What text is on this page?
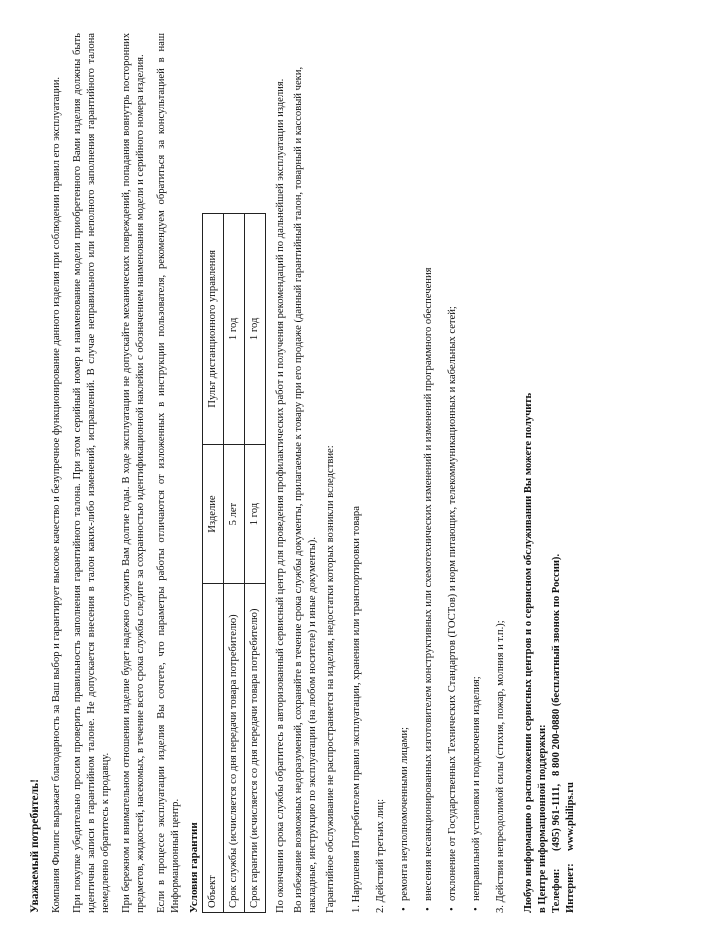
Уважаемый потребитель! Компания Филипс выражает благодарность за Ваш выбор и гарантирует высокое качество и безупречное функционирование данного изделия при соблюдении правил его эксплуатации. При покупке убедительно просим проверить правильность заполнения гарантийного талона. При этом серийный номер и наименование модели приобретенного Вами изделия должны быть идентичны записи в гарантийном талоне. Не допускается внесения в талон каких-либо изменений, исправлений. В случае неправильного или неполного заполнения гарантийного талона немедленно обратитесь к продавцу. При бережном и внимательном отношении изделие будет надежно служить Вам долгие годы. В ходе эксплуатации не допускайте механических повреждений, попадания вовнутрь посторонних предметов, жидкостей, насекомых, в течение всего срока службы следите за сохранностью идентификационной наклейки с обозначением наименования модели и серийного номера изделия. Если в процессе эксплуатации изделия Вы сочтете, что параметры работы отличаются от изложенных в инструкции пользователя, рекомендуем обратиться за консультацией в наш Информационный центр. Условия гарантии Объект	Изделие	Пульт дистанционного управления
Срок службы (исчисляется со дня передачи товара потребителю)	5 лет	1 год
Срок гарантии (исчисляется со дня передачи товара потребителю)	1 год	1 год По окончании срока службы обратитесь в авторизованный сервисный центр для проведения профилактических работ и получения рекомендаций по дальнейшей эксплуатации изделия. Во избежание возможных недоразумений, сохраняйте в течение срока службы документы, прилагаемые к товару при его продаже (данный гарантийный талон, товарный и кассовый чеки, накладные, инструкцию по эксплуатации (на любом носителе) и иные документы). Гарантийное обслуживание не распространяется на изделия, недостатки которых возникли вследствие: 1. Нарушения Потребителем правил эксплуатации, хранения или транспортировки товара 2. Действий третьих лиц: • ремонта неуполномоченными лицами; • внесения несанкционированных изготовителем конструктивных или схемотехнических изменений и изменений программного обеспечения • отклонение от Государственных Технических Стандартов (ГОСТов) и норм питающих, телекоммуникационных и кабельных сетей; • неправильной установки и подключения изделия; 3. Действия непреодолимой силы (стихия, пожар, молния и т.п.); Любую информацию о расположении сервисных центров и о сервисном обслуживании Вы можете получить в Центре информационной поддержки: Телефон:
(495) 961-1111,   8 800 200-0880 (бесплатный звонок по России).
Интернет:
www.philips.ru
